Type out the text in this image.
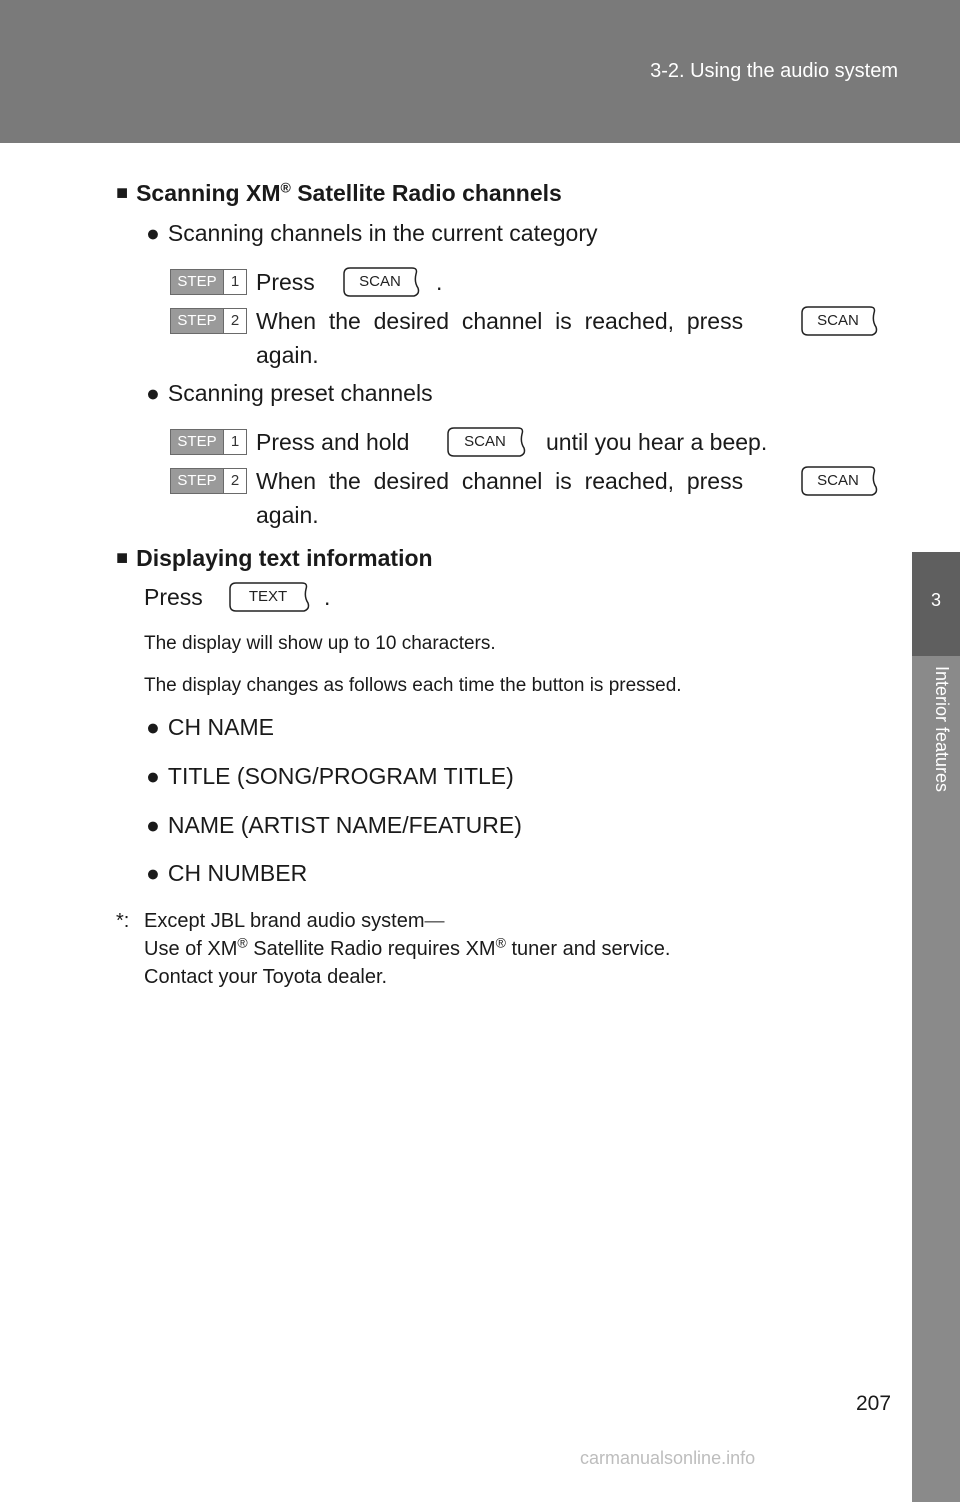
3-2. Using the audio system
3
Interior features
■ Scanning XM® Satellite Radio channels
● Scanning channels in the current category
STEP 1 Press	SCAN	.
STEP 2 When  the  desired  channel  is  reached,  press	SCAN
again.
● Scanning preset channels
STEP 1 Press and hold	SCAN	until you hear a beep.
STEP 2 When  the  desired  channel  is  reached,  press	SCAN
again.
■ Displaying text information
Press	TEXT	.
The display will show up to 10 characters.
The display changes as follows each time the button is pressed.
● CH NAME
● TITLE (SONG/PROGRAM TITLE)
● NAME (ARTIST NAME/FEATURE)
● CH NUMBER
*: Except JBL brand audio system—
Use of XM® Satellite Radio requires XM® tuner and service.
Contact your Toyota dealer.
207
carmanualsonline.info
